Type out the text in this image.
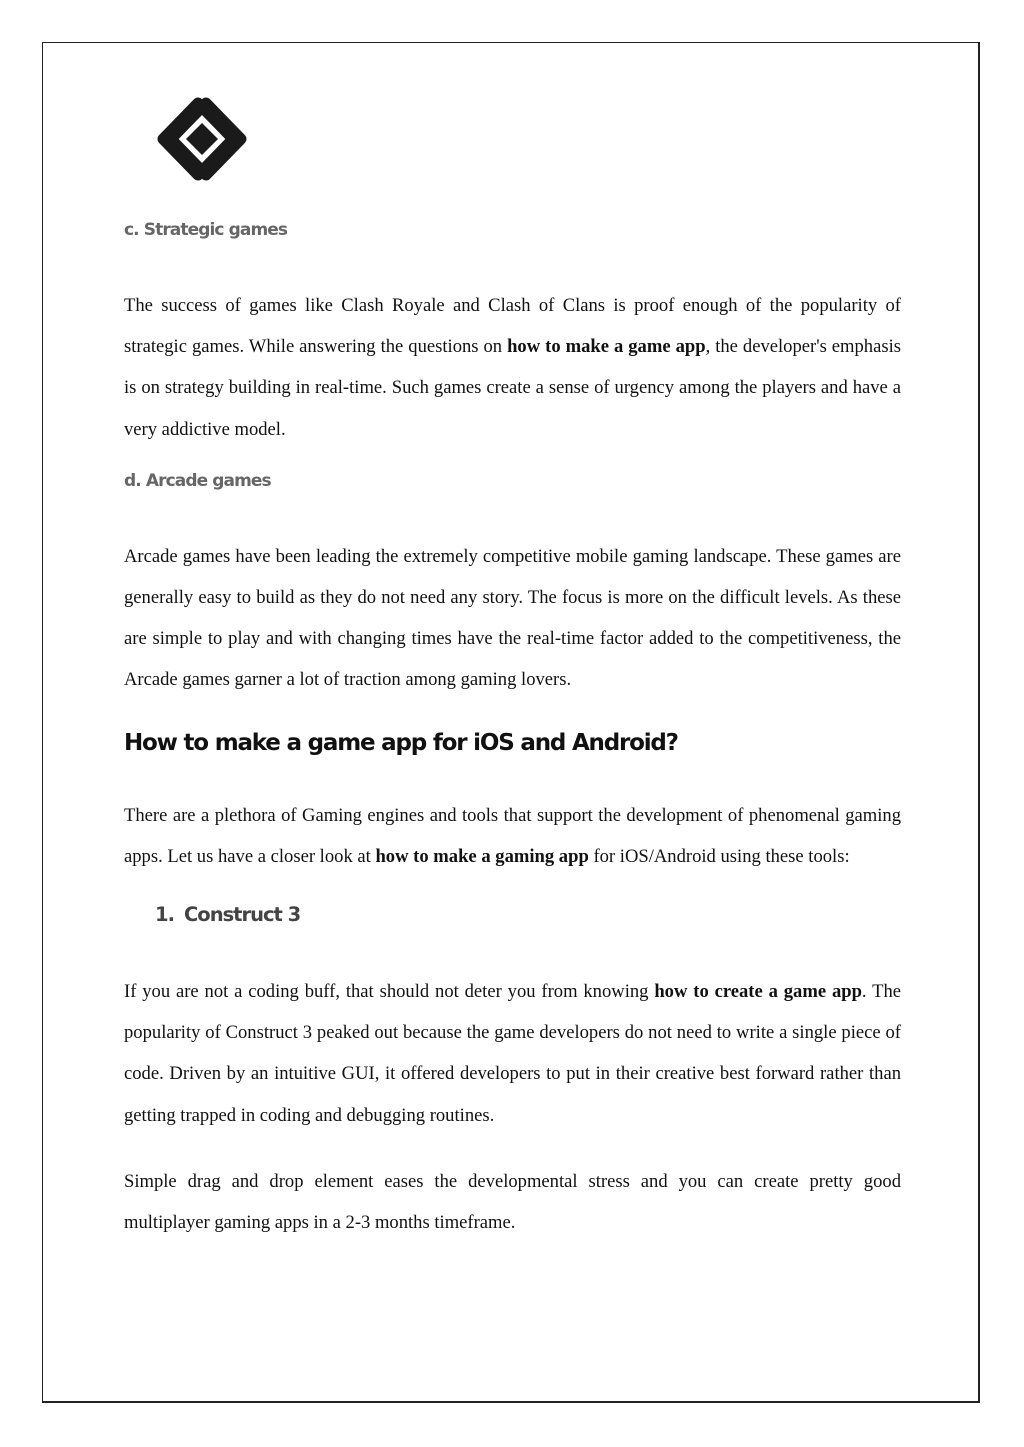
c. Strategic games

The success of games like Clash Royale and Clash of Clans is proof enough of the popularity of strategic games. While answering the questions on how to make a game app, the developer's emphasis is on strategy building in real-time. Such games create a sense of urgency among the players and have a very addictive model.

d. Arcade games

Arcade games have been leading the extremely competitive mobile gaming landscape. These games are generally easy to build as they do not need any story. The focus is more on the difficult levels. As these are simple to play and with changing times have the real-time factor added to the competitiveness, the Arcade games garner a lot of traction among gaming lovers.

How to make a game app for iOS and Android?

There are a plethora of Gaming engines and tools that support the development of phenomenal gaming apps. Let us have a closer look at how to make a gaming app for iOS/Android using these tools:

1. Construct 3

If you are not a coding buff, that should not deter you from knowing how to create a game app. The popularity of Construct 3 peaked out because the game developers do not need to write a single piece of code. Driven by an intuitive GUI, it offered developers to put in their creative best forward rather than getting trapped in coding and debugging routines.

Simple drag and drop element eases the developmental stress and you can create pretty good multiplayer gaming apps in a 2-3 months timeframe.
